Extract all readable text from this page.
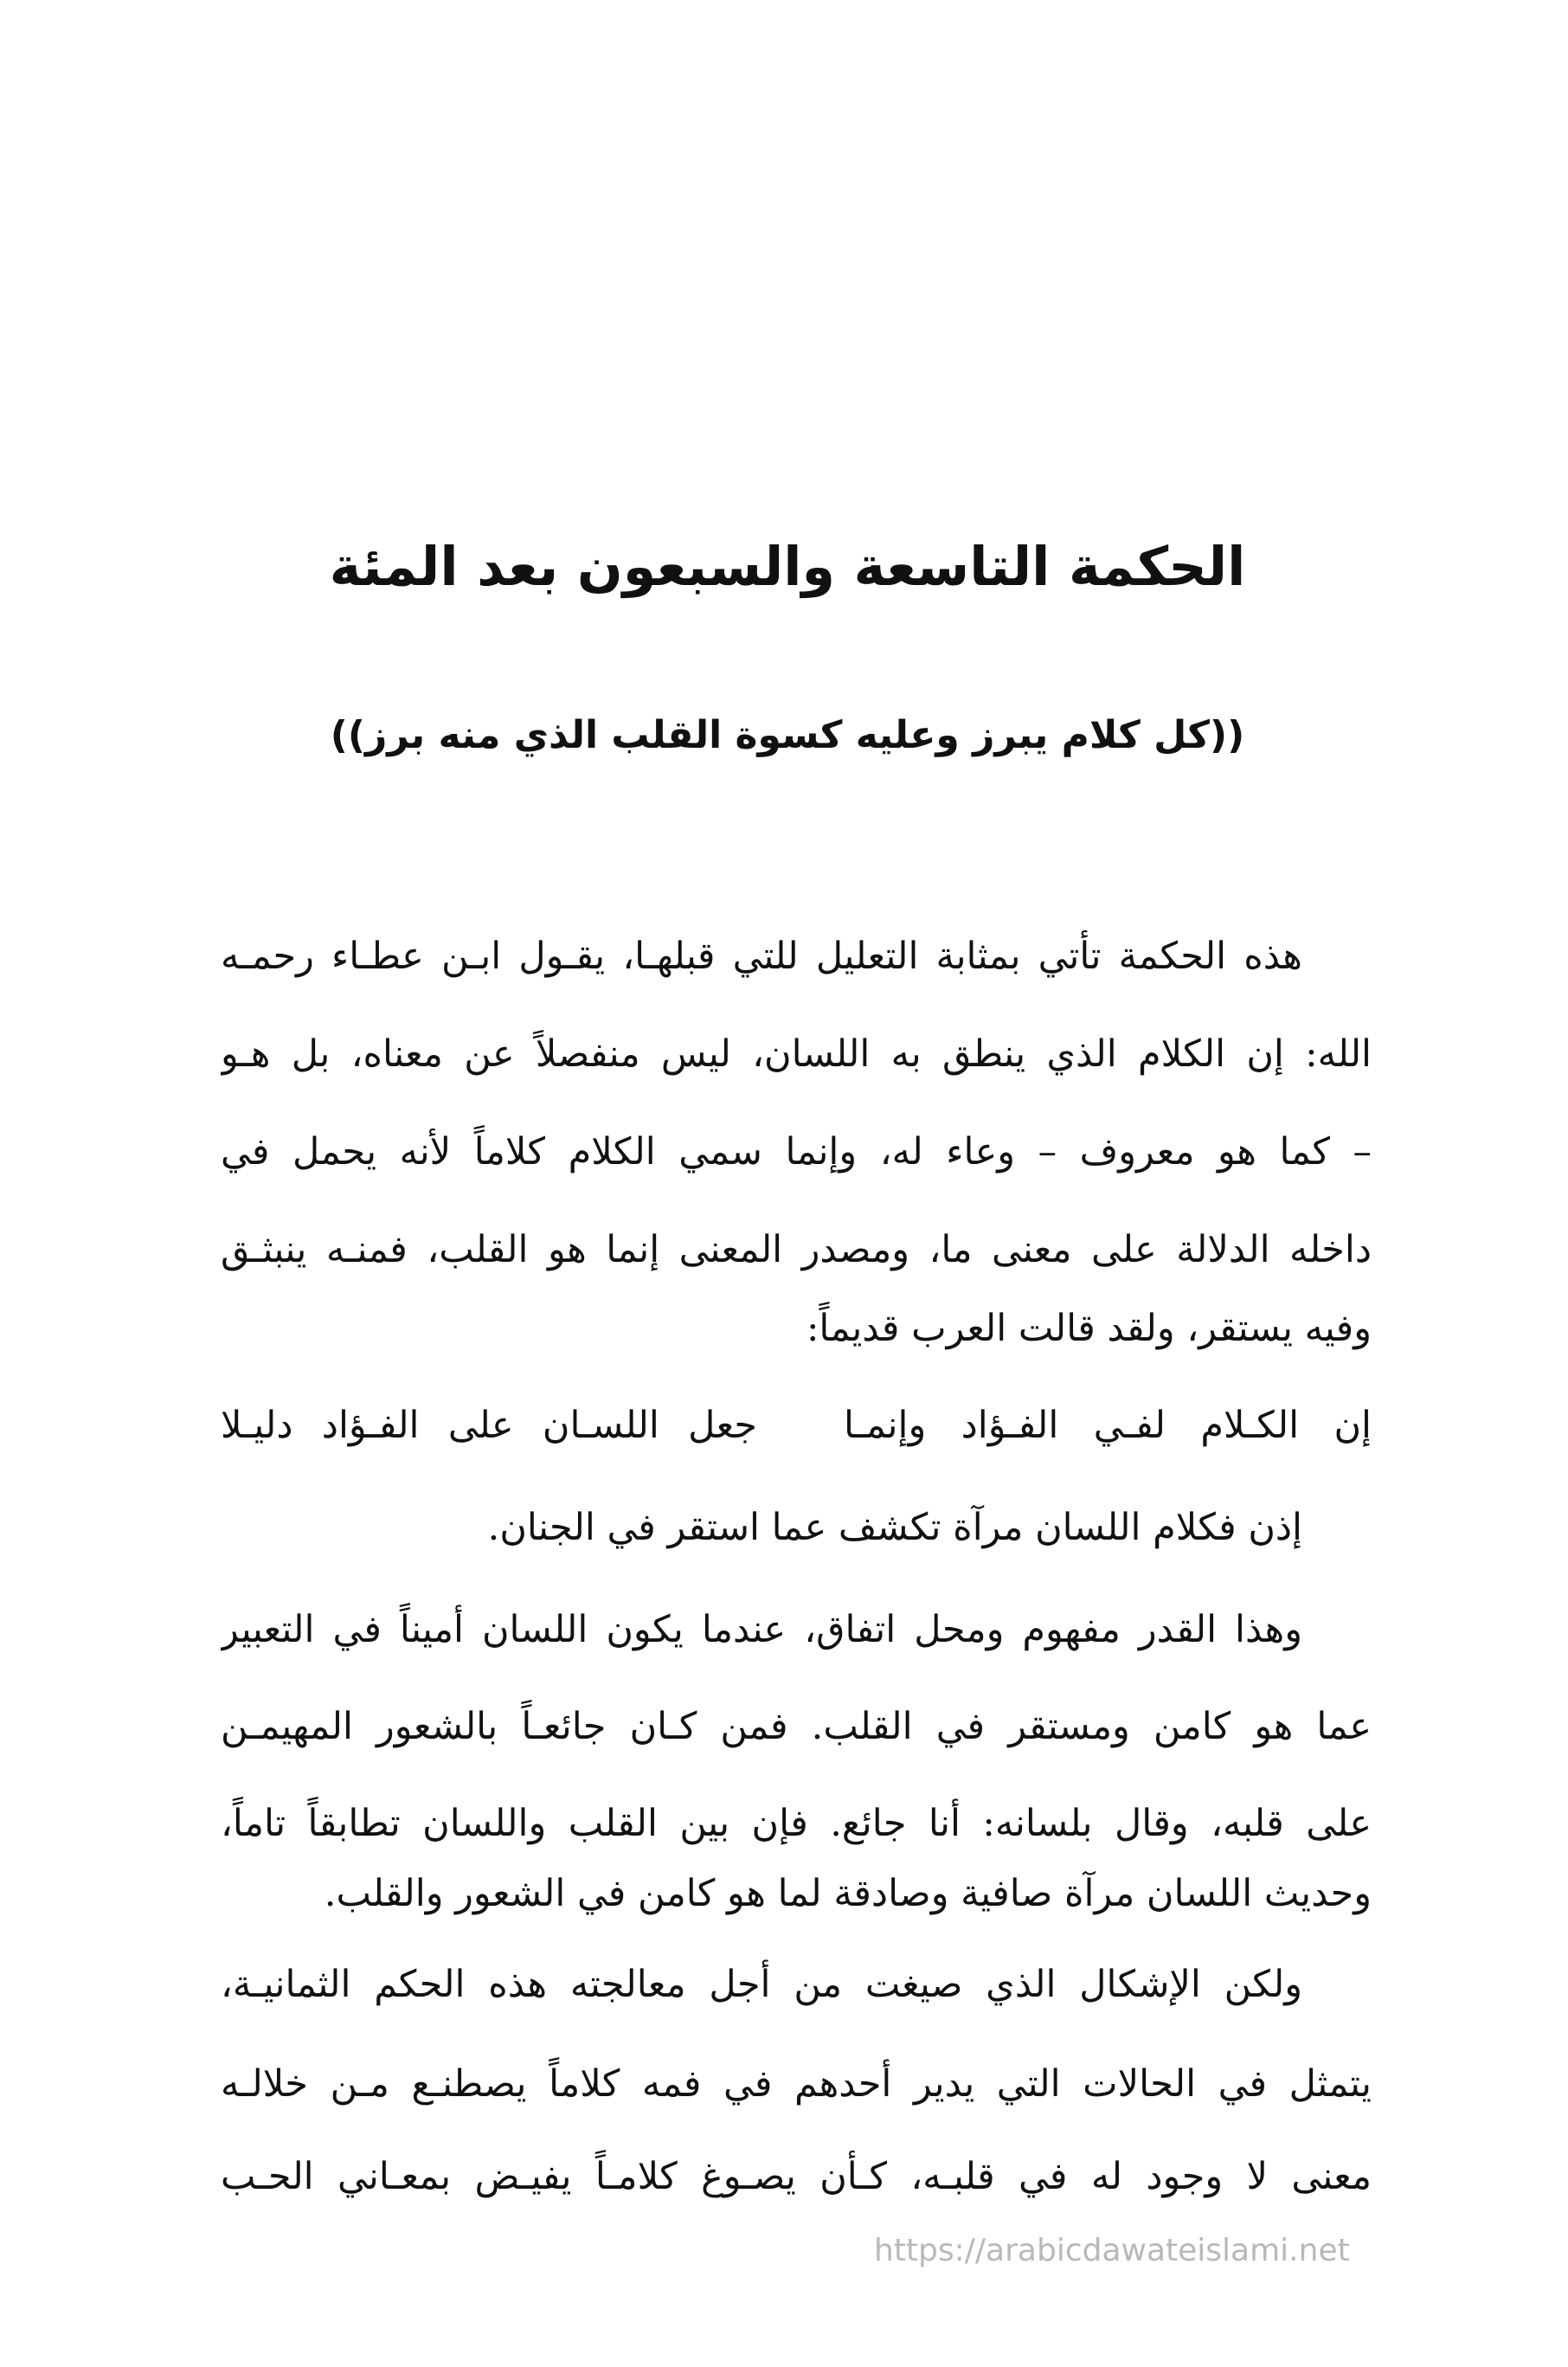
الحكمة التاسعة والسبعون بعد المئة
((كل كلام يبرز وعليه كسوة القلب الذي منه برز))
هذه الحكمة تأتي بمثابة التعليل للتي قبلهـا، يقـول ابـن عطـاء رحمـه
الله: إن الكلام الذي ينطق به اللسان، ليس منفصلاً عن معناه، بل هـو
– كما هو معروف – وعاء له، وإنما سمي الكلام كلاماً لأنه يحمل في
داخله الدلالة على معنى ما، ومصدر المعنى إنما هو القلب، فمنـه ينبثـق
وفيه يستقر، ولقد قالت العرب قديماً:
إن الكـلام لفـي الفـؤاد وإنمـا
جعل اللسـان على الفـؤاد دليـلا
إذن فكلام اللسان مرآة تكشف عما استقر في الجنان.
وهذا القدر مفهوم ومحل اتفاق، عندما يكون اللسان أميناً في التعبير
عما هو كامن ومستقر في القلب. فمن كـان جائعـاً بالشعور المهيمـن
على قلبه، وقال بلسانه: أنا جائع. فإن بين القلب واللسان تطابقاً تاماً،
وحديث اللسان مرآة صافية وصادقة لما هو كامن في الشعور والقلب.
ولكن الإشكال الذي صيغت من أجل معالجته هذه الحكم الثمانيـة،
يتمثل في الحالات التي يدير أحدهم في فمه كلاماً يصطنـع مـن خلالـه
معنى لا وجود له في قلبـه، كـأن يصـوغ كلامـاً يفيـض بمعـاني الحـب
https://arabicdawateislami.net
